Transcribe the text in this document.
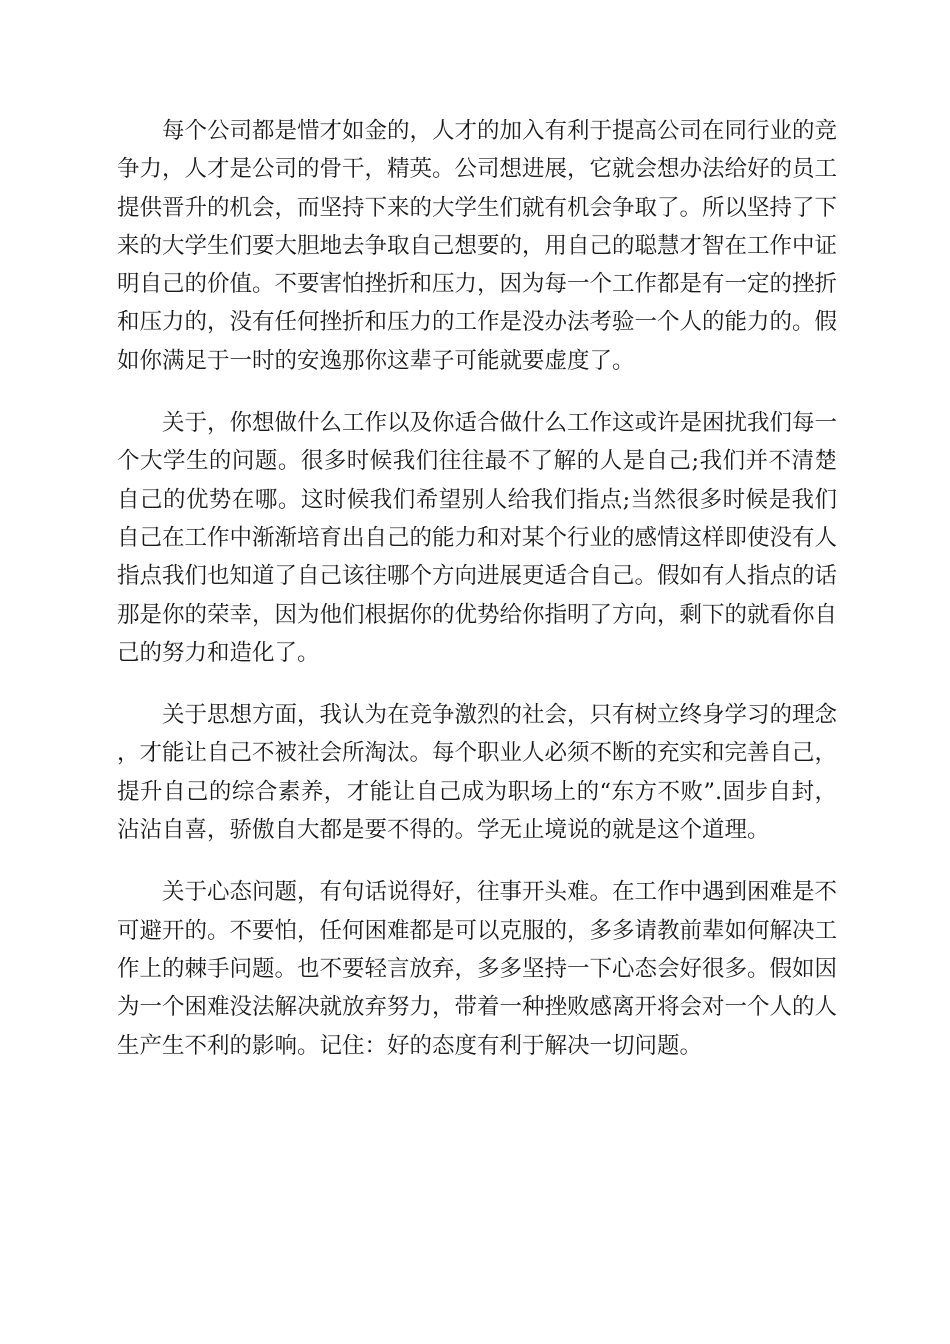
每个公司都是惜才如金的，人才的加入有利于提高公司在同行业的竞争力，人才是公司的骨干，精英。公司想进展，它就会想办法给好的员工提供晋升的机会，而坚持下来的大学生们就有机会争取了。所以坚持了下来的大学生们要大胆地去争取自己想要的，用自己的聪慧才智在工作中证明自己的价值。不要害怕挫折和压力，因为每一个工作都是有一定的挫折和压力的，没有任何挫折和压力的工作是没办法考验一个人的能力的。假如你满足于一时的安逸那你这辈子可能就要虚度了。

关于，你想做什么工作以及你适合做什么工作这或许是困扰我们每一个大学生的问题。很多时候我们往往最不了解的人是自己;我们并不清楚自己的优势在哪。这时候我们希望别人给我们指点;当然很多时候是我们自己在工作中渐渐培育出自己的能力和对某个行业的感情这样即使没有人指点我们也知道了自己该往哪个方向进展更适合自己。假如有人指点的话那是你的荣幸，因为他们根据你的优势给你指明了方向，剩下的就看你自己的努力和造化了。

关于思想方面，我认为在竞争激烈的社会，只有树立终身学习的理念，才能让自己不被社会所淘汰。每个职业人必须不断的充实和完善自己，提升自己的综合素养，才能让自己成为职场上的“东方不败”.固步自封，沾沾自喜，骄傲自大都是要不得的。学无止境说的就是这个道理。

关于心态问题，有句话说得好，往事开头难。在工作中遇到困难是不可避开的。不要怕，任何困难都是可以克服的，多多请教前辈如何解决工作上的棘手问题。也不要轻言放弃，多多坚持一下心态会好很多。假如因为一个困难没法解决就放弃努力，带着一种挫败感离开将会对一个人的人生产生不利的影响。记住：好的态度有利于解决一切问题。
